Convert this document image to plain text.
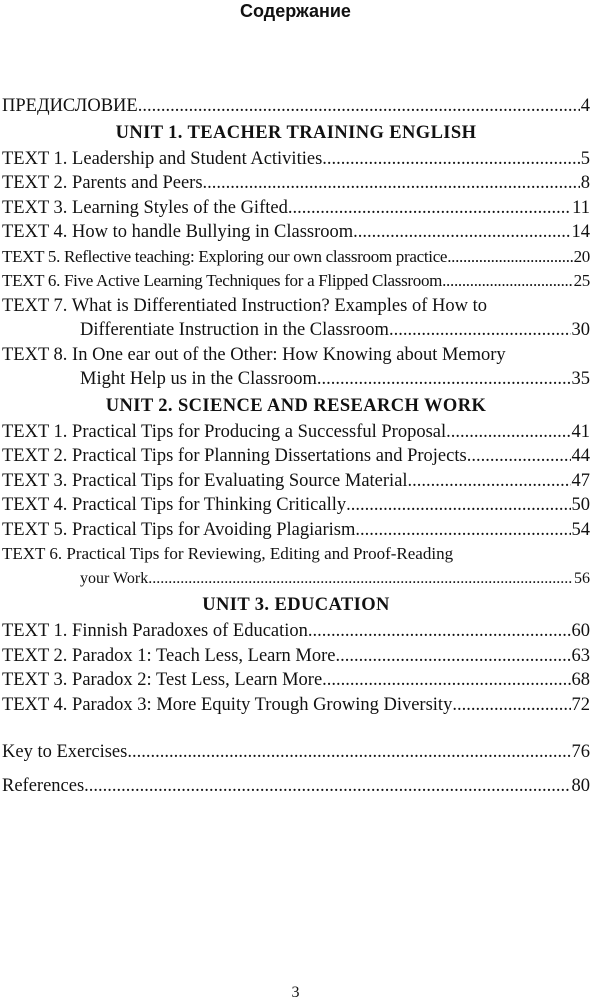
Содержание
ПРЕДИСЛОВИЕ .....	4
UNIT 1. TEACHER TRAINING ENGLISH
TEXT 1. Leadership and Student Activities .....	5
TEXT 2. Parents and Peers .....	8
TEXT 3. Learning Styles of the Gifted .....	11
TEXT 4. How to handle Bullying in Classroom .....	14
TEXT 5. Reflective teaching: Exploring our own classroom practice .....	20
TEXT 6. Five Active Learning Techniques for a Flipped Classroom .....	25
TEXT 7. What is Differentiated Instruction? Examples of How to
Differentiate Instruction in the Classroom .....	30
TEXT 8. In One ear out of the Other: How Knowing about Memory
Might Help us in the Classroom .....	35
UNIT 2. SCIENCE AND RESEARCH WORK
TEXT 1. Practical Tips for Producing a Successful Proposal .....	41
TEXT 2. Practical Tips for Planning Dissertations and Projects .....	44
TEXT 3. Practical Tips for Evaluating Source Material .....	47
TEXT 4. Practical Tips for Thinking Critically .....	50
TEXT 5. Practical Tips for Avoiding Plagiarism .....	54
TEXT 6. Practical Tips for Reviewing, Editing and Proof-Reading
your Work .....	56
UNIT 3. EDUCATION
TEXT 1. Finnish Paradoxes of Education .....	60
TEXT 2. Paradox 1: Teach Less, Learn More .....	63
TEXT 3. Paradox 2: Test Less, Learn More .....	68
TEXT 4. Paradox 3: More Equity Trough Growing Diversity .....	72
Key to Exercises .....	76
References .....	80
3
